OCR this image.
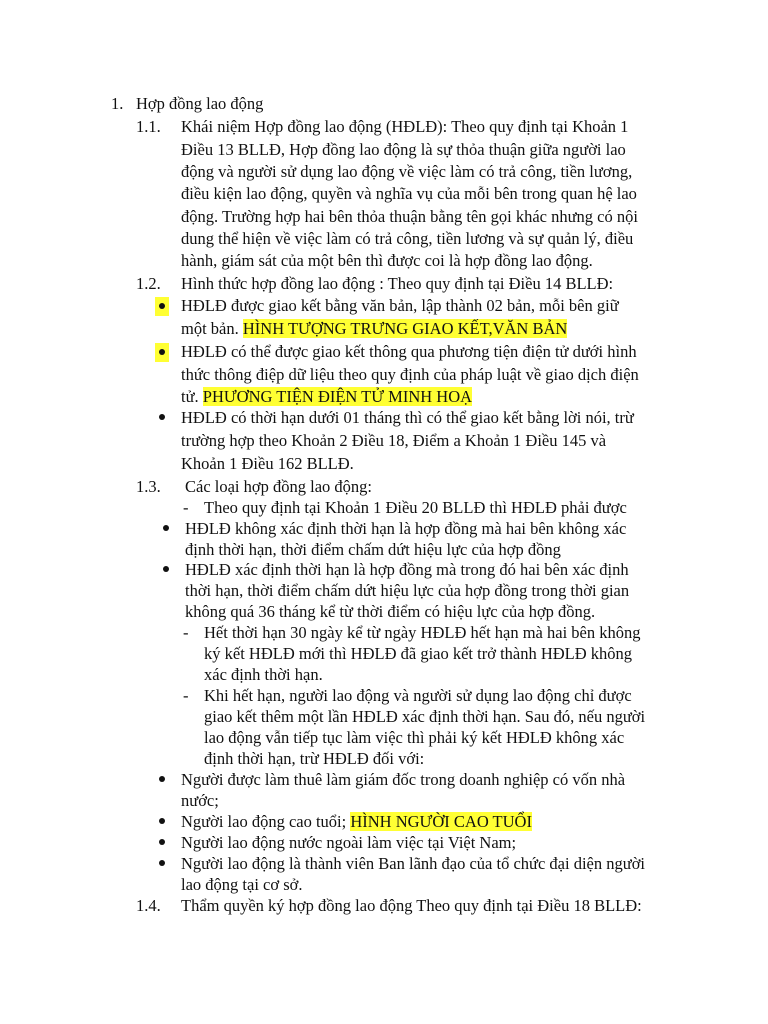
1. Hợp đồng lao động
1.1. Khái niệm Hợp đồng lao động (HĐLĐ): Theo quy định tại Khoản 1
Điều 13 BLLĐ, Hợp đồng lao động là sự thỏa thuận giữa người lao
động và người sử dụng lao động về việc làm có trả công, tiền lương,
điều kiện lao động, quyền và nghĩa vụ của mỗi bên trong quan hệ lao
động. Trường hợp hai bên thỏa thuận bằng tên gọi khác nhưng có nội
dung thể hiện về việc làm có trả công, tiền lương và sự quản lý, điều
hành, giám sát của một bên thì được coi là hợp đồng lao động.
1.2. Hình thức hợp đồng lao động : Theo quy định tại Điều 14 BLLĐ:
HĐLĐ được giao kết bằng văn bản, lập thành 02 bản, mỗi bên giữ
một bản. HÌNH TƯỢNG TRƯNG GIAO KẾT,VĂN BẢN
HĐLĐ có thể được giao kết thông qua phương tiện điện tử dưới hình
thức thông điệp dữ liệu theo quy định của pháp luật về giao dịch điện
tử. PHƯƠNG TIỆN ĐIỆN TỬ MINH HOẠ
HĐLĐ có thời hạn dưới 01 tháng thì có thể giao kết bằng lời nói, trừ
trường hợp theo Khoản 2 Điều 18, Điểm a Khoản 1 Điều 145 và
Khoản 1 Điều 162 BLLĐ.
1.3. Các loại hợp đồng lao động:
- Theo quy định tại Khoản 1 Điều 20 BLLĐ thì HĐLĐ phải được
HĐLĐ không xác định thời hạn là hợp đồng mà hai bên không xác
định thời hạn, thời điểm chấm dứt hiệu lực của hợp đồng
HĐLĐ xác định thời hạn là hợp đồng mà trong đó hai bên xác định
thời hạn, thời điểm chấm dứt hiệu lực của hợp đồng trong thời gian
không quá 36 tháng kể từ thời điểm có hiệu lực của hợp đồng.
- Hết thời hạn 30 ngày kể từ ngày HĐLĐ hết hạn mà hai bên không
ký kết HĐLĐ mới thì HĐLĐ đã giao kết trở thành HĐLĐ không
xác định thời hạn.
- Khi hết hạn, người lao động và người sử dụng lao động chỉ được
giao kết thêm một lần HĐLĐ xác định thời hạn. Sau đó, nếu người
lao động vẫn tiếp tục làm việc thì phải ký kết HĐLĐ không xác
định thời hạn, trừ HĐLĐ đối với:
Người được làm thuê làm giám đốc trong doanh nghiệp có vốn nhà
nước;
Người lao động cao tuổi; HÌNH NGƯỜI CAO TUỔI
Người lao động nước ngoài làm việc tại Việt Nam;
Người lao động là thành viên Ban lãnh đạo của tổ chức đại diện người
lao động tại cơ sở.
1.4. Thẩm quyền ký hợp đồng lao động Theo quy định tại Điều 18 BLLĐ:
